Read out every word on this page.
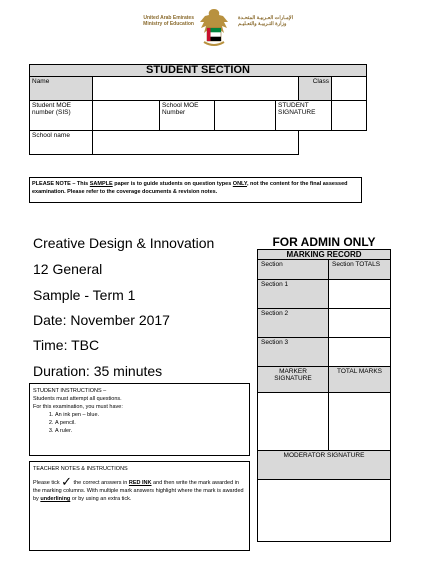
United Arab Emirates
Ministry of Education
الإمـارات العـربيـة المتحـدة
وزارة التـربيـة والتعـليـم
STUDENT SECTION						
Name					Class	
Student MOE number (SIS)		School MOE Number		STUDENT SIGNATURE		
School name						
PLEASE NOTE – This SAMPLE paper is to guide students on question types ONLY, not the content for the final assessed examination. Please refer to the coverage documents & revision notes.
Creative Design & Innovation
12 General
Sample - Term 1
Date: November 2017
Time: TBC
Duration: 35 minutes
STUDENT INSTRUCTIONS –
Students must attempt all questions.
For this examination, you must have:
1. An ink pen – blue.
2. A pencil.
3. A ruler.
TEACHER NOTES & INSTRUCTIONS
Please tick ✓ the correct answers in RED INK and then write the mark awarded in the marking columns. With multiple mark answers highlight where the mark is awarded by underlining or by using an extra tick.
FOR ADMIN ONLY
MARKING RECORD	
Section	Section TOTALS
Section 1	
Section 2	
Section 3	
MARKER SIGNATURE	TOTAL MARKS

MODERATOR SIGNATURE	
